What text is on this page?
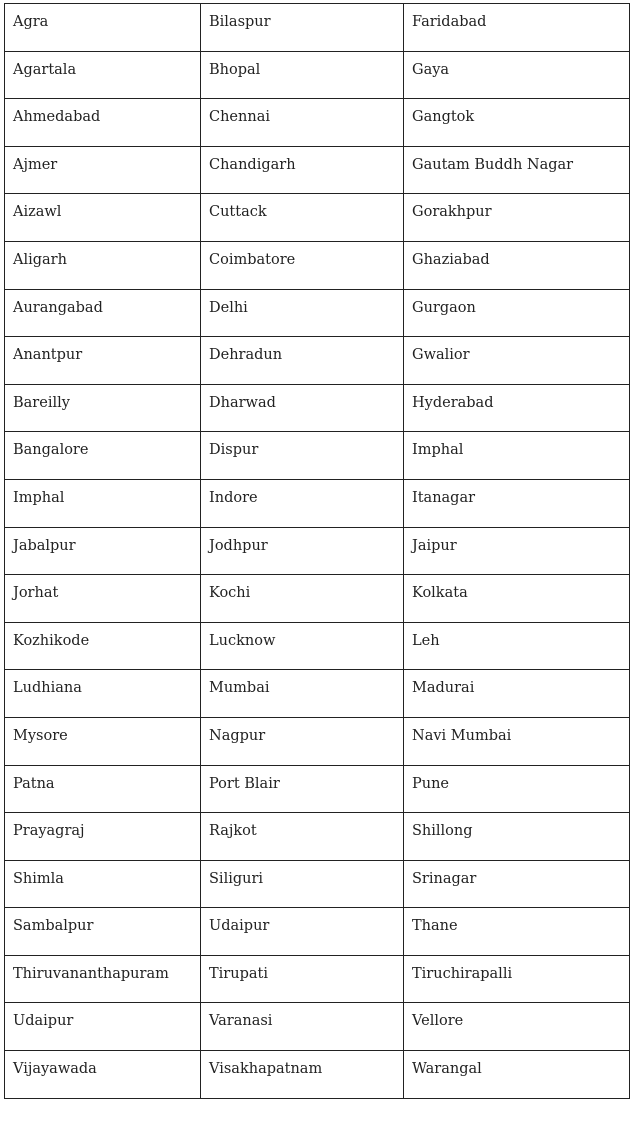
Agra	Bilaspur	Faridabad
Agartala	Bhopal	Gaya
Ahmedabad	Chennai	Gangtok
Ajmer	Chandigarh	Gautam Buddh Nagar
Aizawl	Cuttack	Gorakhpur
Aligarh	Coimbatore	Ghaziabad
Aurangabad	Delhi	Gurgaon
Anantpur	Dehradun	Gwalior
Bareilly	Dharwad	Hyderabad
Bangalore	Dispur	Imphal
Imphal	Indore	Itanagar
Jabalpur	Jodhpur	Jaipur
Jorhat	Kochi	Kolkata
Kozhikode	Lucknow	Leh
Ludhiana	Mumbai	Madurai
Mysore	Nagpur	Navi Mumbai
Patna	Port Blair	Pune
Prayagraj	Rajkot	Shillong
Shimla	Siliguri	Srinagar
Sambalpur	Udaipur	Thane
Thiruvananthapuram	Tirupati	Tiruchirapalli
Udaipur	Varanasi	Vellore
Vijayawada	Visakhapatnam	Warangal
